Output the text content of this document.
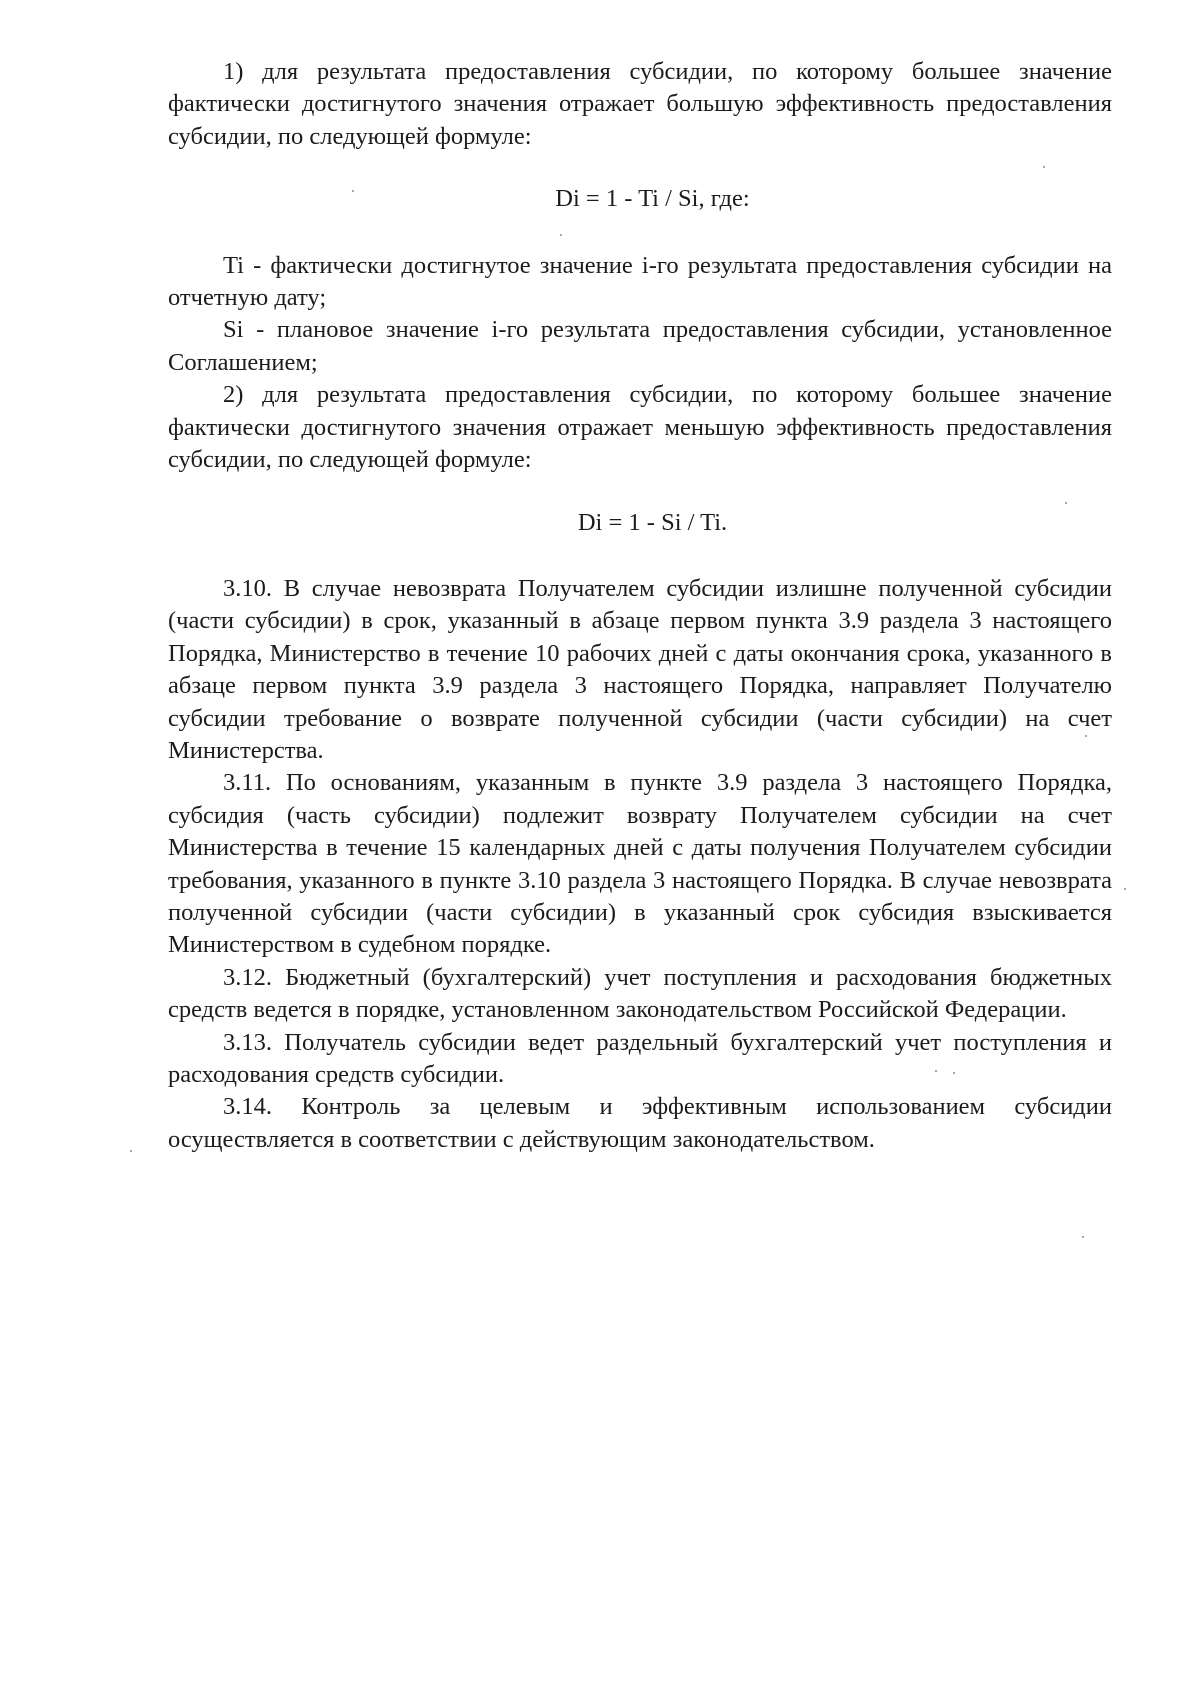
1) для результата предоставления субсидии, по которому большее значение фактически достигнутого значения отражает большую эффективность предоставления субсидии, по следующей формуле:

Di = 1 - Ti / Si, где:

Ti - фактически достигнутое значение i-го результата предоставления субсидии на отчетную дату;

Si - плановое значение i-го результата предоставления субсидии, установленное Соглашением;

2) для результата предоставления субсидии, по которому большее значение фактически достигнутого значения отражает меньшую эффективность предоставления субсидии, по следующей формуле:

Di = 1 - Si / Ti.

3.10. В случае невозврата Получателем субсидии излишне полученной субсидии (части субсидии) в срок, указанный в абзаце первом пункта 3.9 раздела 3 настоящего Порядка, Министерство в течение 10 рабочих дней с даты окончания срока, указанного в абзаце первом пункта 3.9 раздела 3 настоящего Порядка, направляет Получателю субсидии требование о возврате полученной субсидии (части субсидии) на счет Министерства.

3.11. По основаниям, указанным в пункте 3.9 раздела 3 настоящего Порядка, субсидия (часть субсидии) подлежит возврату Получателем субсидии на счет Министерства в течение 15 календарных дней с даты получения Получателем субсидии требования, указанного в пункте 3.10 раздела 3 настоящего Порядка. В случае невозврата полученной субсидии (части субсидии) в указанный срок субсидия взыскивается Министерством в судебном порядке.

3.12. Бюджетный (бухгалтерский) учет поступления и расходования бюджетных средств ведется в порядке, установленном законодательством Российской Федерации.

3.13. Получатель субсидии ведет раздельный бухгалтерский учет поступления и расходования средств субсидии.

3.14. Контроль за целевым и эффективным использованием субсидии осуществляется в соответствии с действующим законодательством.
